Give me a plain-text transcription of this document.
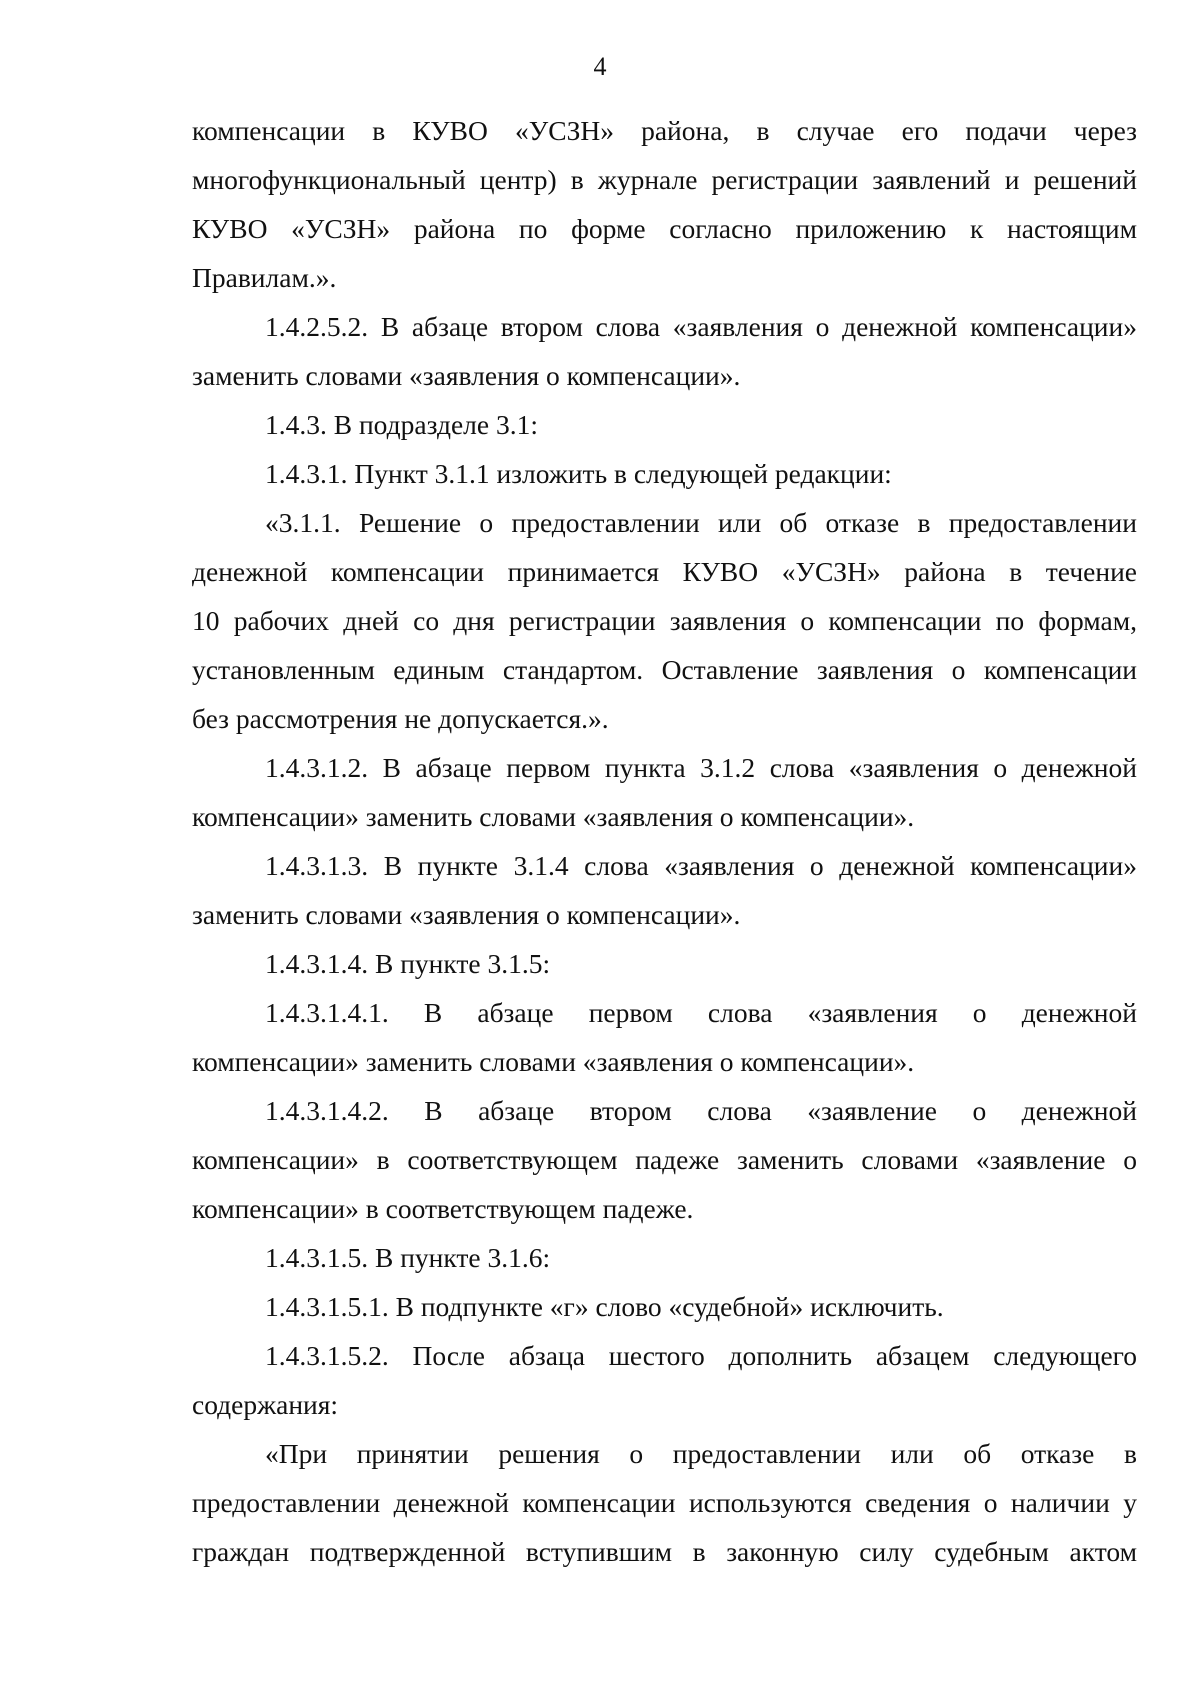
4
компенсации в КУВО «УСЗН» района, в случае его подачи через
многофункциональный центр) в журнале регистрации заявлений и решений
КУВО «УСЗН» района по форме согласно приложению к настоящим
Правилам.».
1.4.2.5.2. В абзаце втором слова «заявления о денежной компенсации»
заменить словами «заявления о компенсации».
1.4.3. В подразделе 3.1:
1.4.3.1. Пункт 3.1.1 изложить в следующей редакции:
«3.1.1. Решение о предоставлении или об отказе в предоставлении
денежной компенсации принимается КУВО «УСЗН» района в течение
10 рабочих дней со дня регистрации заявления о компенсации по формам,
установленным единым стандартом. Оставление заявления о компенсации
без рассмотрения не допускается.».
1.4.3.1.2. В абзаце первом пункта 3.1.2 слова «заявления о денежной
компенсации» заменить словами «заявления о компенсации».
1.4.3.1.3. В пункте 3.1.4 слова «заявления о денежной компенсации»
заменить словами «заявления о компенсации».
1.4.3.1.4. В пункте 3.1.5:
1.4.3.1.4.1. В абзаце первом слова «заявления о денежной
компенсации» заменить словами «заявления о компенсации».
1.4.3.1.4.2. В абзаце втором слова «заявление о денежной
компенсации» в соответствующем падеже заменить словами «заявление о
компенсации» в соответствующем падеже.
1.4.3.1.5. В пункте 3.1.6:
1.4.3.1.5.1. В подпункте «г» слово «судебной» исключить.
1.4.3.1.5.2. После абзаца шестого дополнить абзацем следующего
содержания:
«При принятии решения о предоставлении или об отказе в
предоставлении денежной компенсации используются сведения о наличии у
граждан подтвержденной вступившим в законную силу судебным актом
